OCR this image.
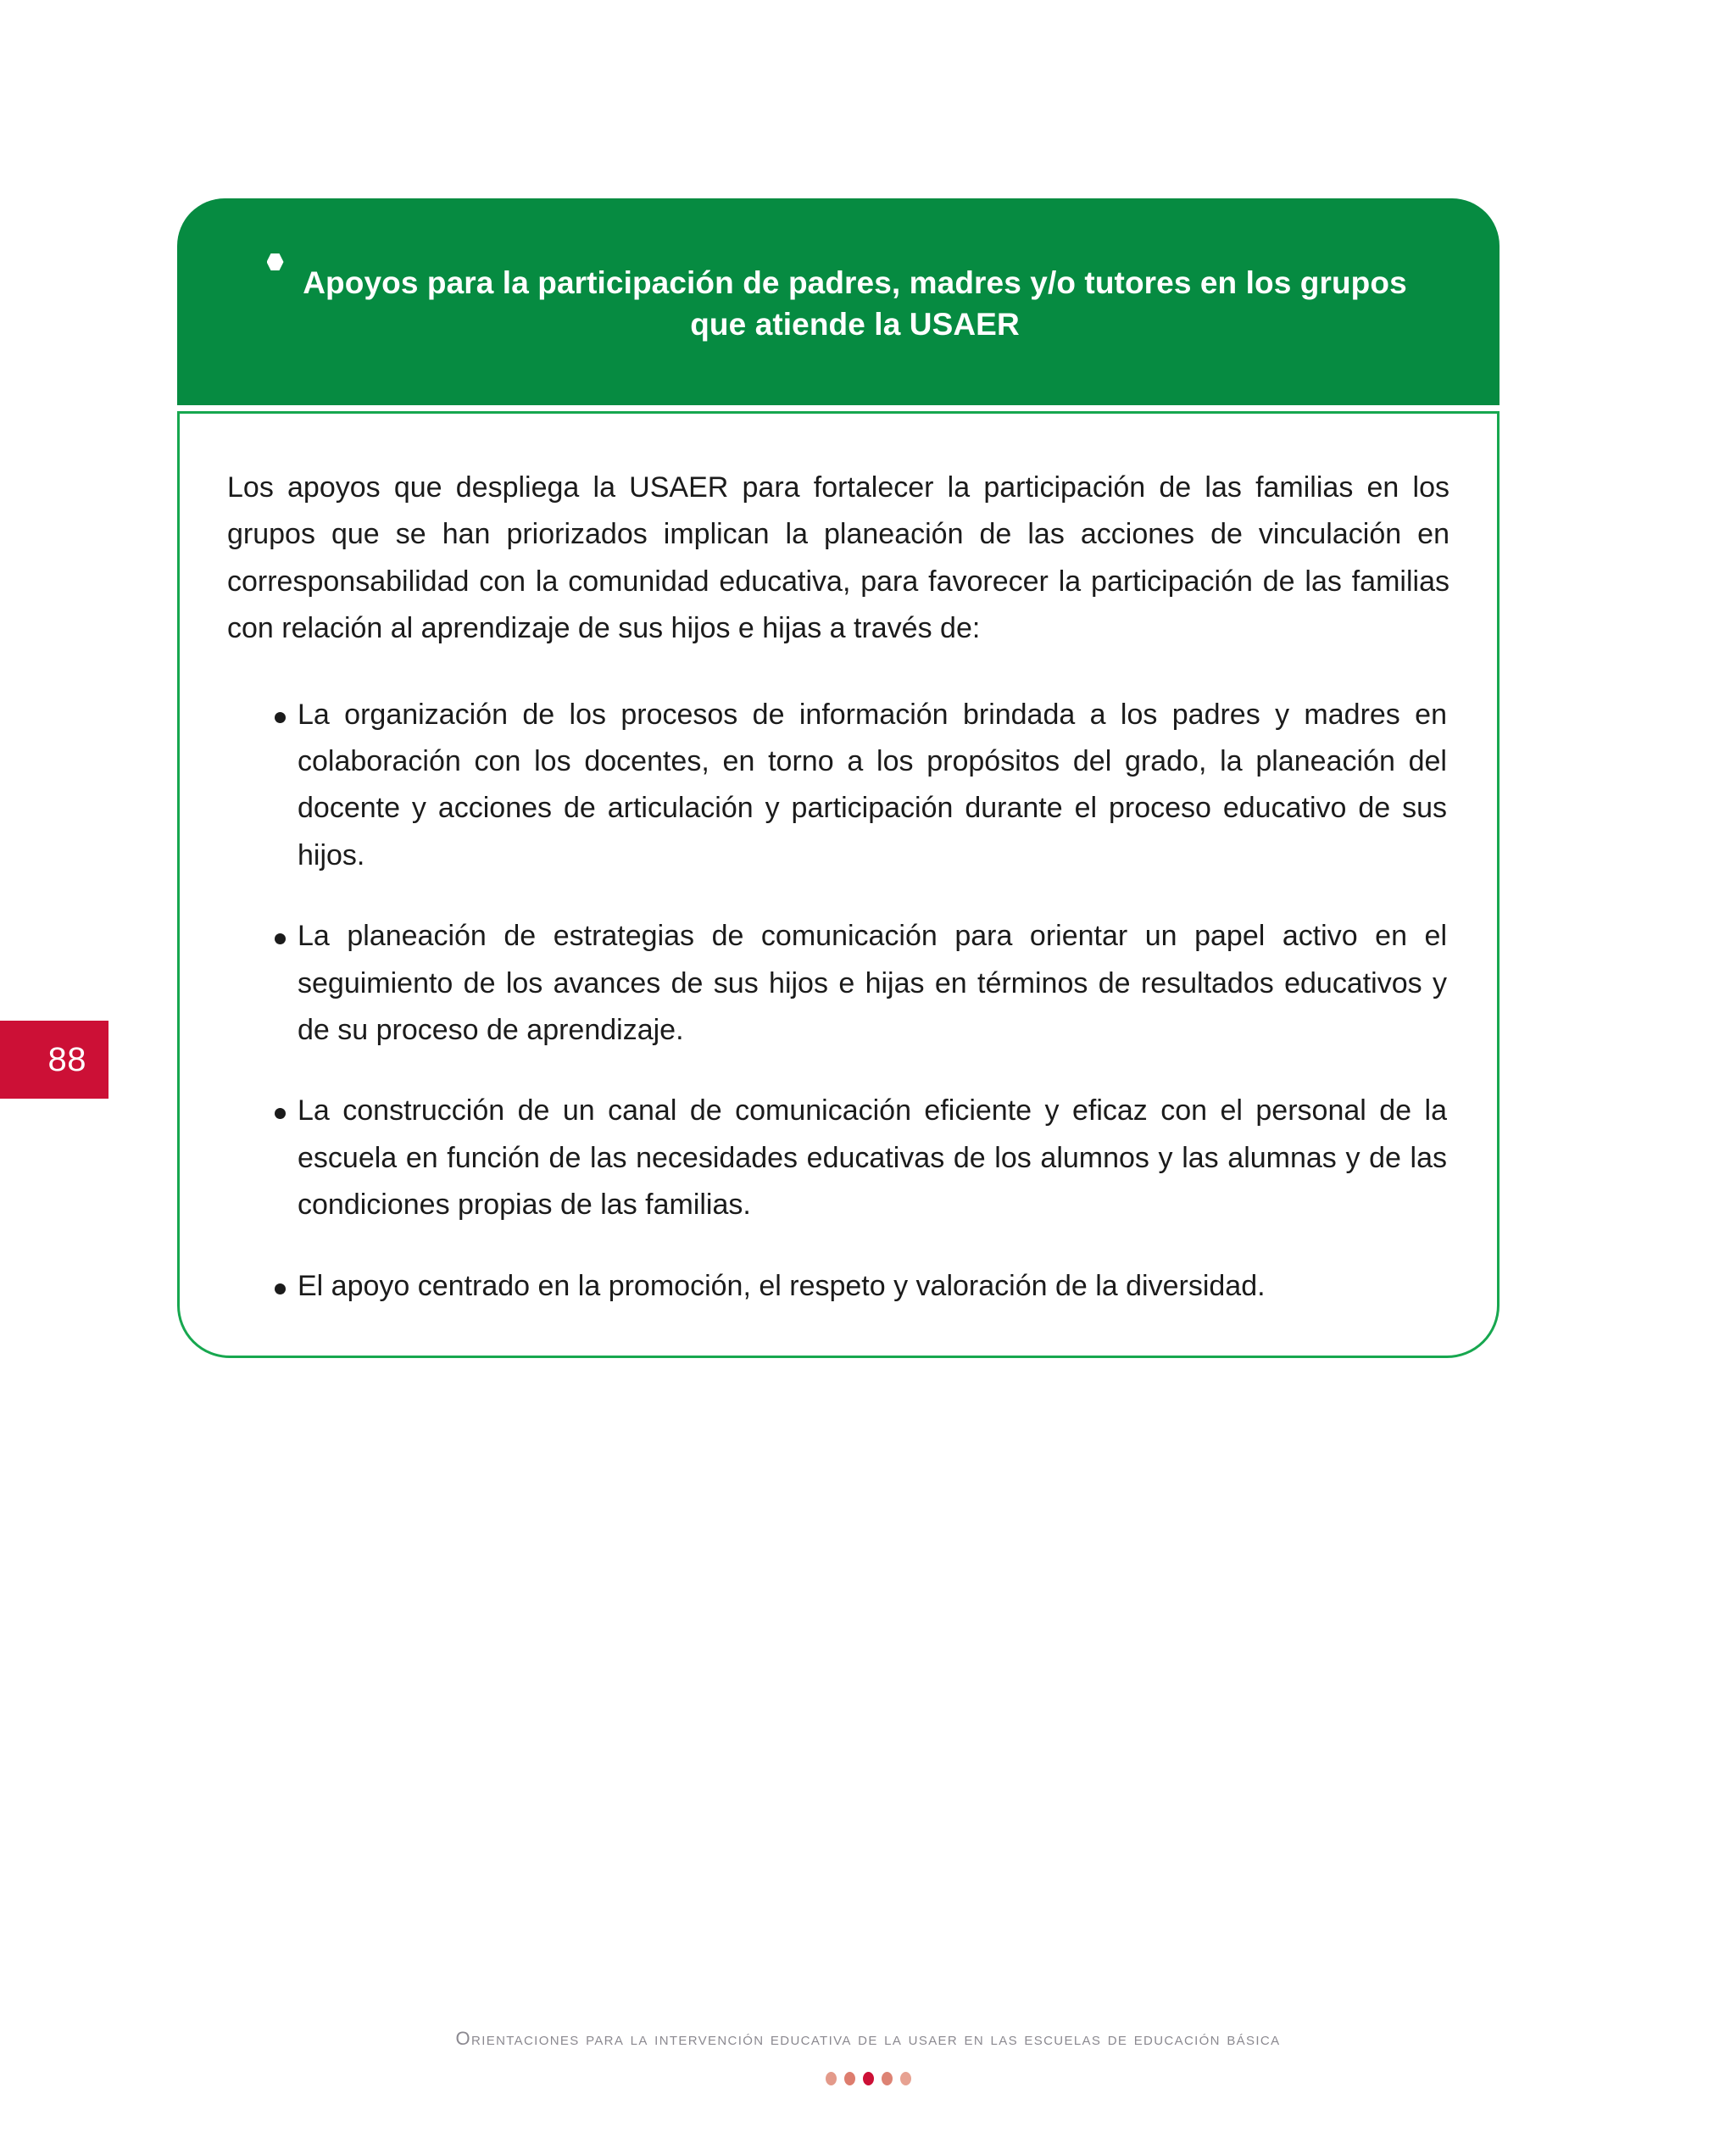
88
Apoyos para la participación de padres, madres y/o tutores en los grupos que atiende la USAER

Los apoyos que despliega la USAER para fortalecer la participación de las familias en los grupos que se han priorizados implican la planeación de las acciones de vinculación en corresponsabilidad con la comunidad educativa, para favorecer la participación de las familias con relación al aprendizaje de sus hijos e hijas a través de:

La organización de los procesos de información brindada a los padres y madres en colaboración con los docentes, en torno a los propósitos del grado, la planeación del docente y acciones de articulación y participación durante el proceso educativo de sus hijos.
La planeación de estrategias de comunicación para orientar un papel activo en el seguimiento de los avances de sus hijos e hijas en términos de resultados educativos y de su proceso de aprendizaje.
La construcción de un canal de comunicación eficiente y eficaz con el personal de la escuela en función de las necesidades educativas de los alumnos y las alumnas y de las condiciones propias de las familias.
El apoyo centrado en la promoción, el respeto y valoración de la diversidad.
Orientaciones para la intervención educativa de la usaer en las escuelas de educación básica
